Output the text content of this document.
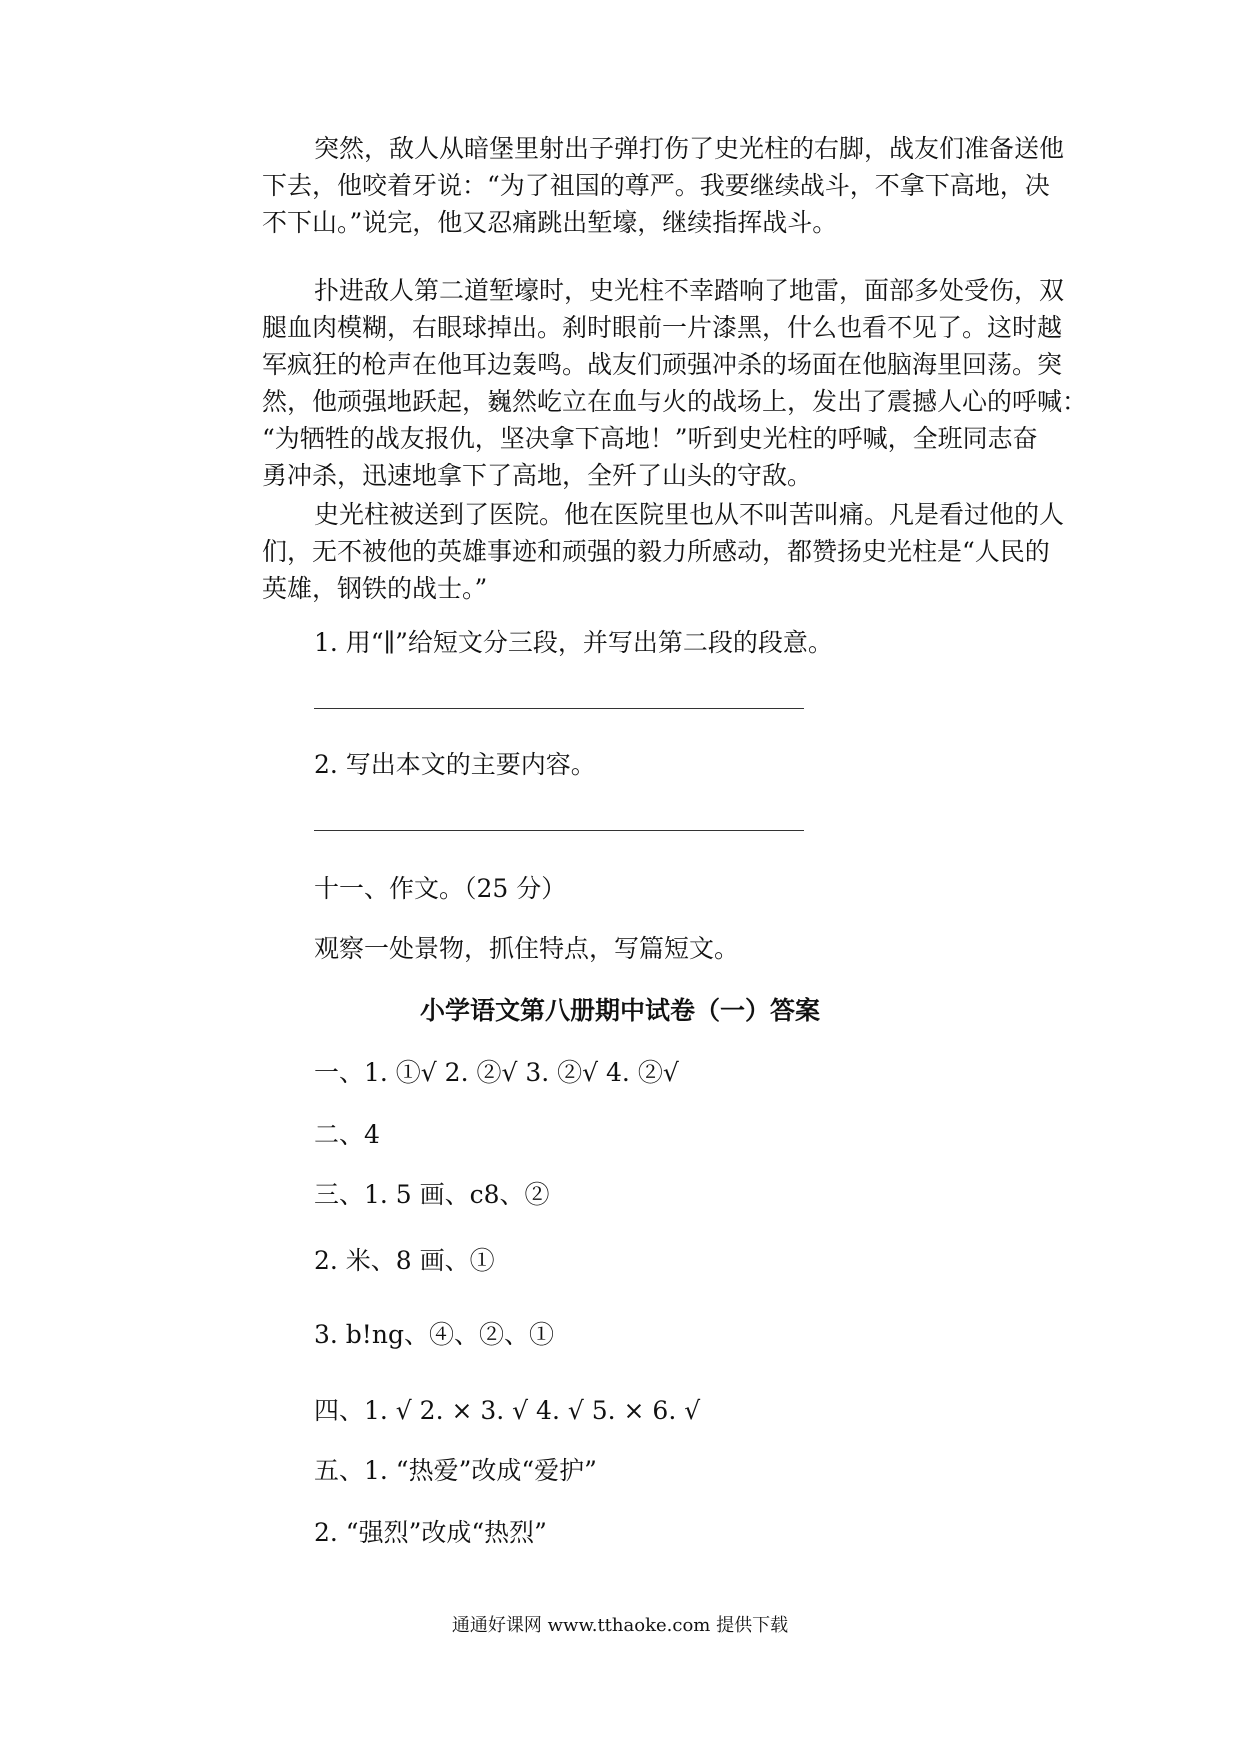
突然，敌人从暗堡里射出子弹打伤了史光柱的右脚，战友们准备送他
下去，他咬着牙说：“为了祖国的尊严。我要继续战斗，不拿下高地，决
不下山。”说完，他又忍痛跳出堑壕，继续指挥战斗。
扑进敌人第二道堑壕时，史光柱不幸踏响了地雷，面部多处受伤，双
腿血肉模糊，右眼球掉出。刹时眼前一片漆黑，什么也看不见了。这时越
军疯狂的枪声在他耳边轰鸣。战友们顽强冲杀的场面在他脑海里回荡。突
然，他顽强地跃起，巍然屹立在血与火的战场上，发出了震撼人心的呼喊：
“为牺牲的战友报仇，坚决拿下高地！”听到史光柱的呼喊，全班同志奋
勇冲杀，迅速地拿下了高地，全歼了山头的守敌。
史光柱被送到了医院。他在医院里也从不叫苦叫痛。凡是看过他的人
们，无不被他的英雄事迹和顽强的毅力所感动，都赞扬史光柱是“人民的
英雄，钢铁的战士。”
1. 用“∥”给短文分三段，并写出第二段的段意。
2. 写出本文的主要内容。
十一、作文。（25 分）
观察一处景物，抓住特点，写篇短文。
小学语文第八册期中试卷（一）答案
一、1. ①√ 2. ②√ 3. ②√ 4. ②√
二、4
三、1. 5 画、c8、②
2. 米、8 画、①
3. b!ng、④、②、①
四、1. √ 2. × 3. √ 4. √ 5. × 6. √
五、1. “热爱”改成“爱护”
2. “强烈”改成“热烈”
通通好课网 www.tthaoke.com 提供下载
